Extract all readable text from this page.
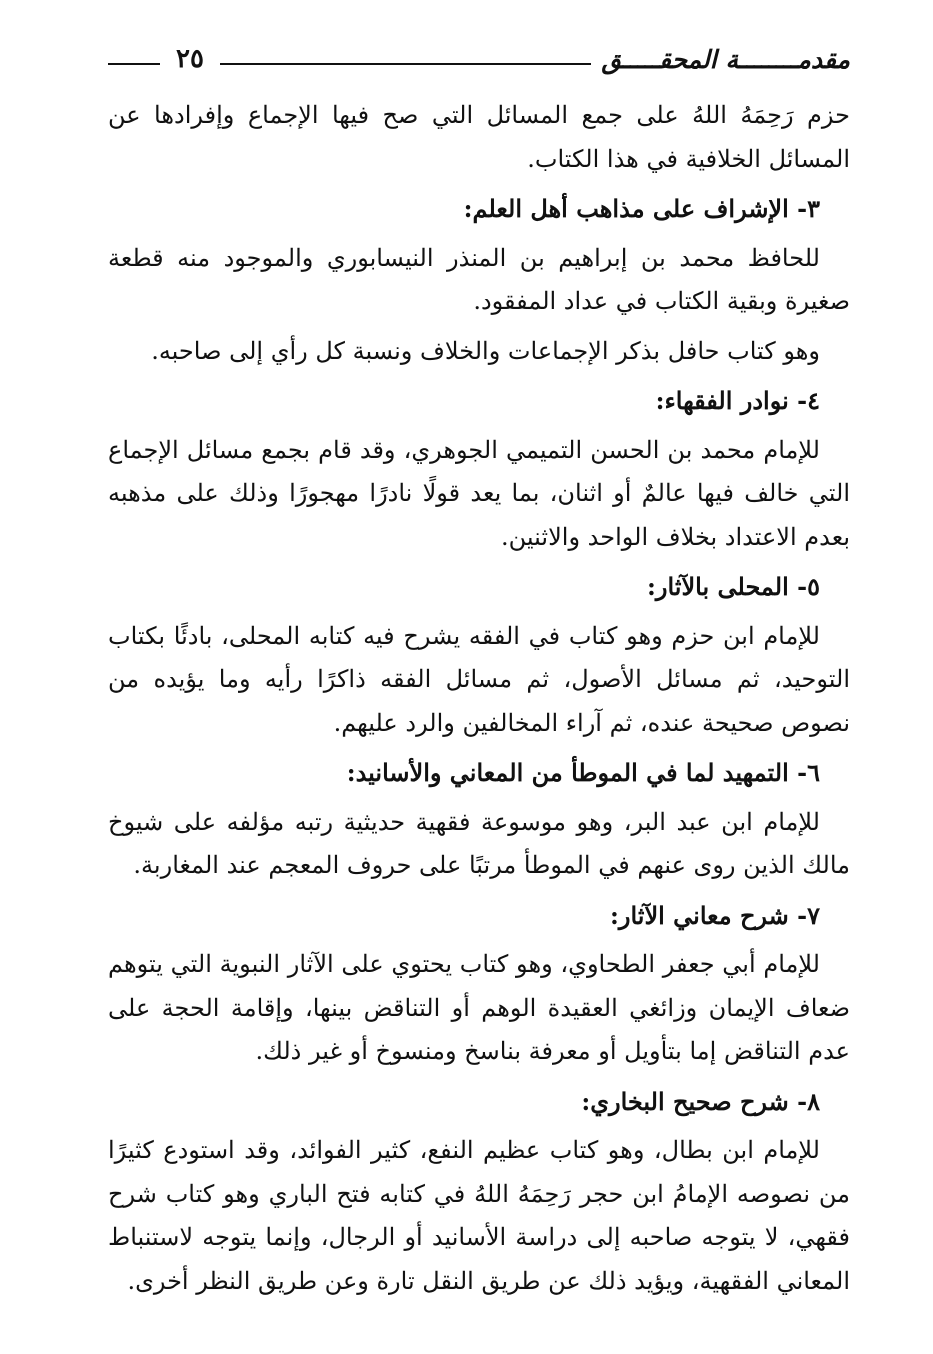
مقدمــــــــة المحقـــــق
٢٥

حزم رَحِمَهُ اللهُ على جمع المسائل التي صح فيها الإجماع وإفرادها عن المسائل الخلافية في هذا الكتاب.

٣- الإشراف على مذاهب أهل العلم:

للحافظ محمد بن إبراهيم بن المنذر النيسابوري والموجود منه قطعة صغيرة وبقية الكتاب في عداد المفقود.

وهو كتاب حافل بذكر الإجماعات والخلاف ونسبة كل رأي إلى صاحبه.

٤- نوادر الفقهاء:

للإمام محمد بن الحسن التميمي الجوهري، وقد قام بجمع مسائل الإجماع التي خالف فيها عالمٌ أو اثنان، بما يعد قولًا نادرًا مهجورًا وذلك على مذهبه بعدم الاعتداد بخلاف الواحد والاثنين.

٥- المحلى بالآثار:

للإمام ابن حزم وهو كتاب في الفقه يشرح فيه كتابه المحلى، بادئًا بكتاب التوحيد، ثم مسائل الأصول، ثم مسائل الفقه ذاكرًا رأيه وما يؤيده من نصوص صحيحة عنده، ثم آراء المخالفين والرد عليهم.

٦- التمهيد لما في الموطأ من المعاني والأسانيد:

للإمام ابن عبد البر، وهو موسوعة فقهية حديثية رتبه مؤلفه على شيوخ مالك الذين روى عنهم في الموطأ مرتبًا على حروف المعجم عند المغاربة.

٧- شرح معاني الآثار:

للإمام أبي جعفر الطحاوي، وهو كتاب يحتوي على الآثار النبوية التي يتوهم ضعاف الإيمان وزائغي العقيدة الوهم أو التناقض بينها، وإقامة الحجة على عدم التناقض إما بتأويل أو معرفة بناسخ ومنسوخ أو غير ذلك.

٨- شرح صحيح البخاري:

للإمام ابن بطال، وهو كتاب عظيم النفع، كثير الفوائد، وقد استودع كثيرًا من نصوصه الإمامُ ابن حجر رَحِمَهُ اللهُ في كتابه فتح الباري وهو كتاب شرح فقهي، لا يتوجه صاحبه إلى دراسة الأسانيد أو الرجال، وإنما يتوجه لاستنباط المعاني الفقهية، ويؤيد ذلك عن طريق النقل تارة وعن طريق النظر أخرى.
